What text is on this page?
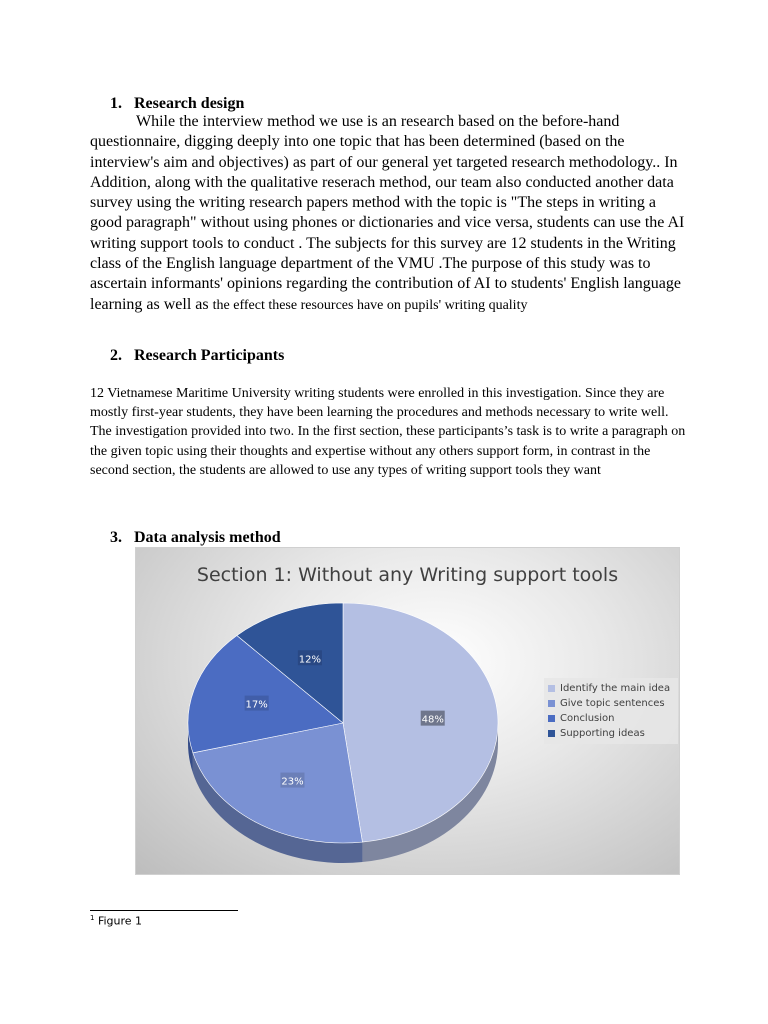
1. Research design
While the interview method we use is an research based on the before-hand questionnaire, digging deeply into one topic that has been determined (based on the interview's aim and objectives) as part of our general yet targeted research methodology.. In Addition, along with the qualitative reserach method, our team also conducted another data survey using the writing research papers method with the topic is "The steps in writing a good paragraph" without using phones or dictionaries and vice versa, students can use the AI writing support tools to conduct . The subjects for this survey are 12 students in the Writing class of the English language department of the VMU .The purpose of this study was to ascertain informants' opinions regarding the contribution of AI to students' English language learning as well as the effect these resources have on pupils' writing quality
2. Research Participants
12 Vietnamese Maritime University writing students were enrolled in this investigation. Since they are mostly first-year students, they have been learning the procedures and methods necessary to write well. The investigation provided into two. In the first section, these participants’s task is to write a paragraph on the given topic using their thoughts and expertise without any others support form, in contrast in the second section, the students are allowed to use any types of writing support tools they want
3. Data analysis method
Section 1: Without any Writing support tools
48%
23%
17%
12%
Identify the main idea
Give topic sentences
Conclusion
Supporting ideas
$^1$ Figure 1
